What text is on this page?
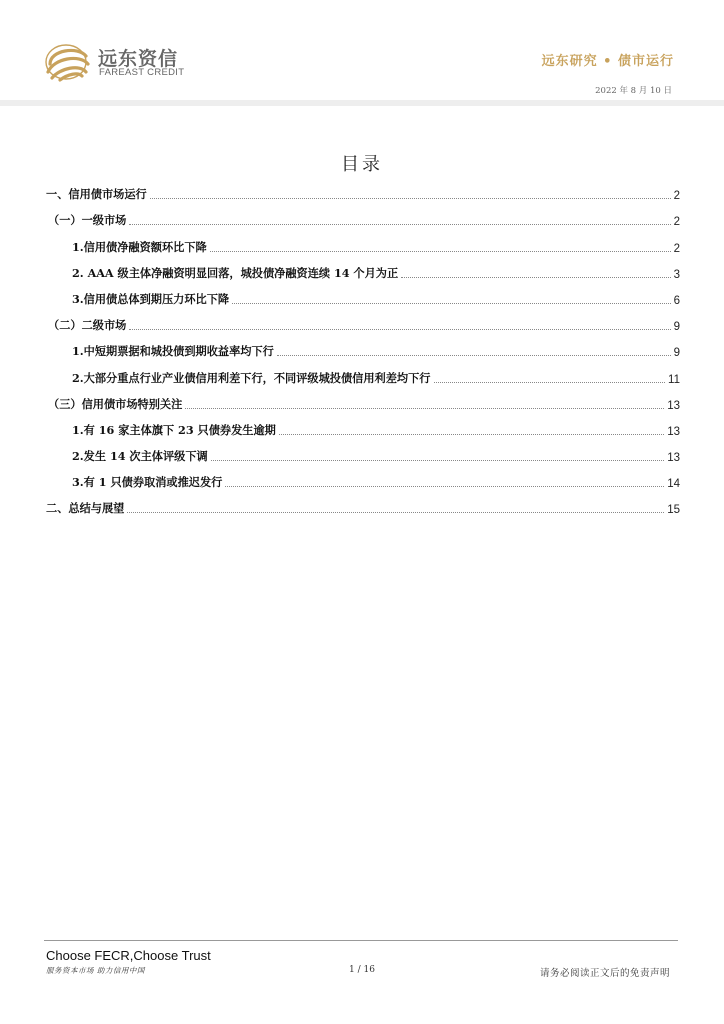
远东资信
FAREAST CREDIT
远东研究 • 债市运行
2022 年 8 月 10 日
目录
一、信用债市场运行	2
（一）一级市场	2
1.信用债净融资额环比下降	2
2. AAA 级主体净融资明显回落，城投债净融资连续 14 个月为正	3
3.信用债总体到期压力环比下降	6
（二）二级市场	9
1.中短期票据和城投债到期收益率均下行	9
2.大部分重点行业产业债信用利差下行，不同评级城投债信用利差均下行	11
（三）信用债市场特别关注	13
1.有 16 家主体旗下 23 只债券发生逾期	13
2.发生 14 次主体评级下调	13
3.有 1 只债券取消或推迟发行	14
二、总结与展望	15
Choose FECR,Choose Trust
服务资本市场 助力信用中国	1 / 16	请务必阅读正文后的免责声明
